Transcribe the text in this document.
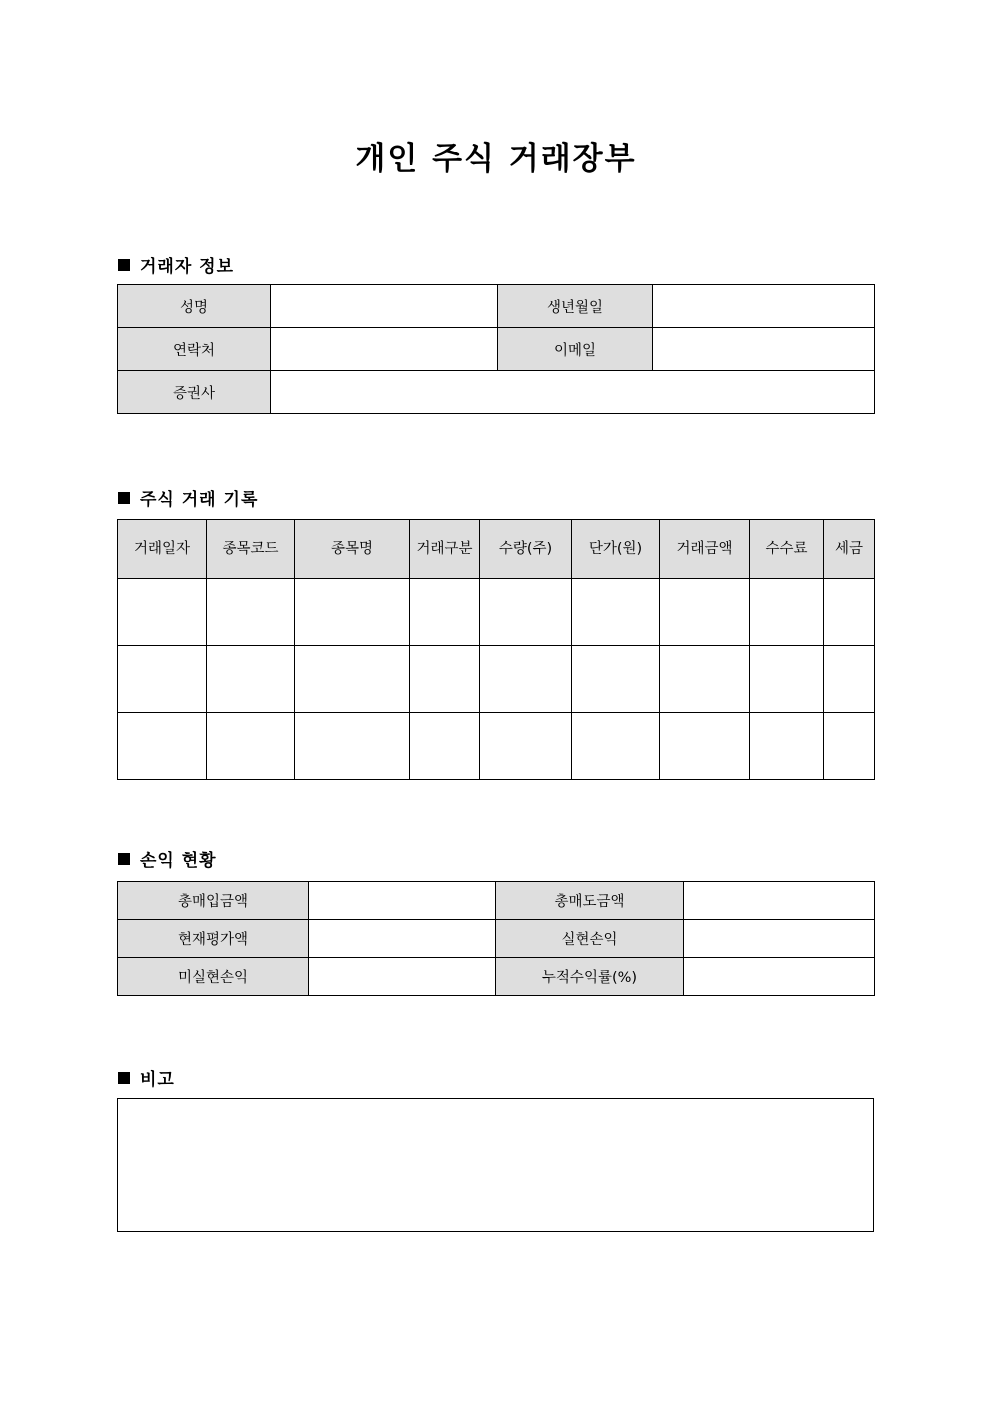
개인 주식 거래장부
거래자 정보
성명		생년월일	
연락처		이메일	
증권사			
주식 거래 기록
거래일자	종목코드	종목명	거래구분	수량(주)	단가(원)	거래금액	수수료	세금

손익 현황
총매입금액		총매도금액	
현재평가액		실현손익	
미실현손익		누적수익률(%)	
비고
